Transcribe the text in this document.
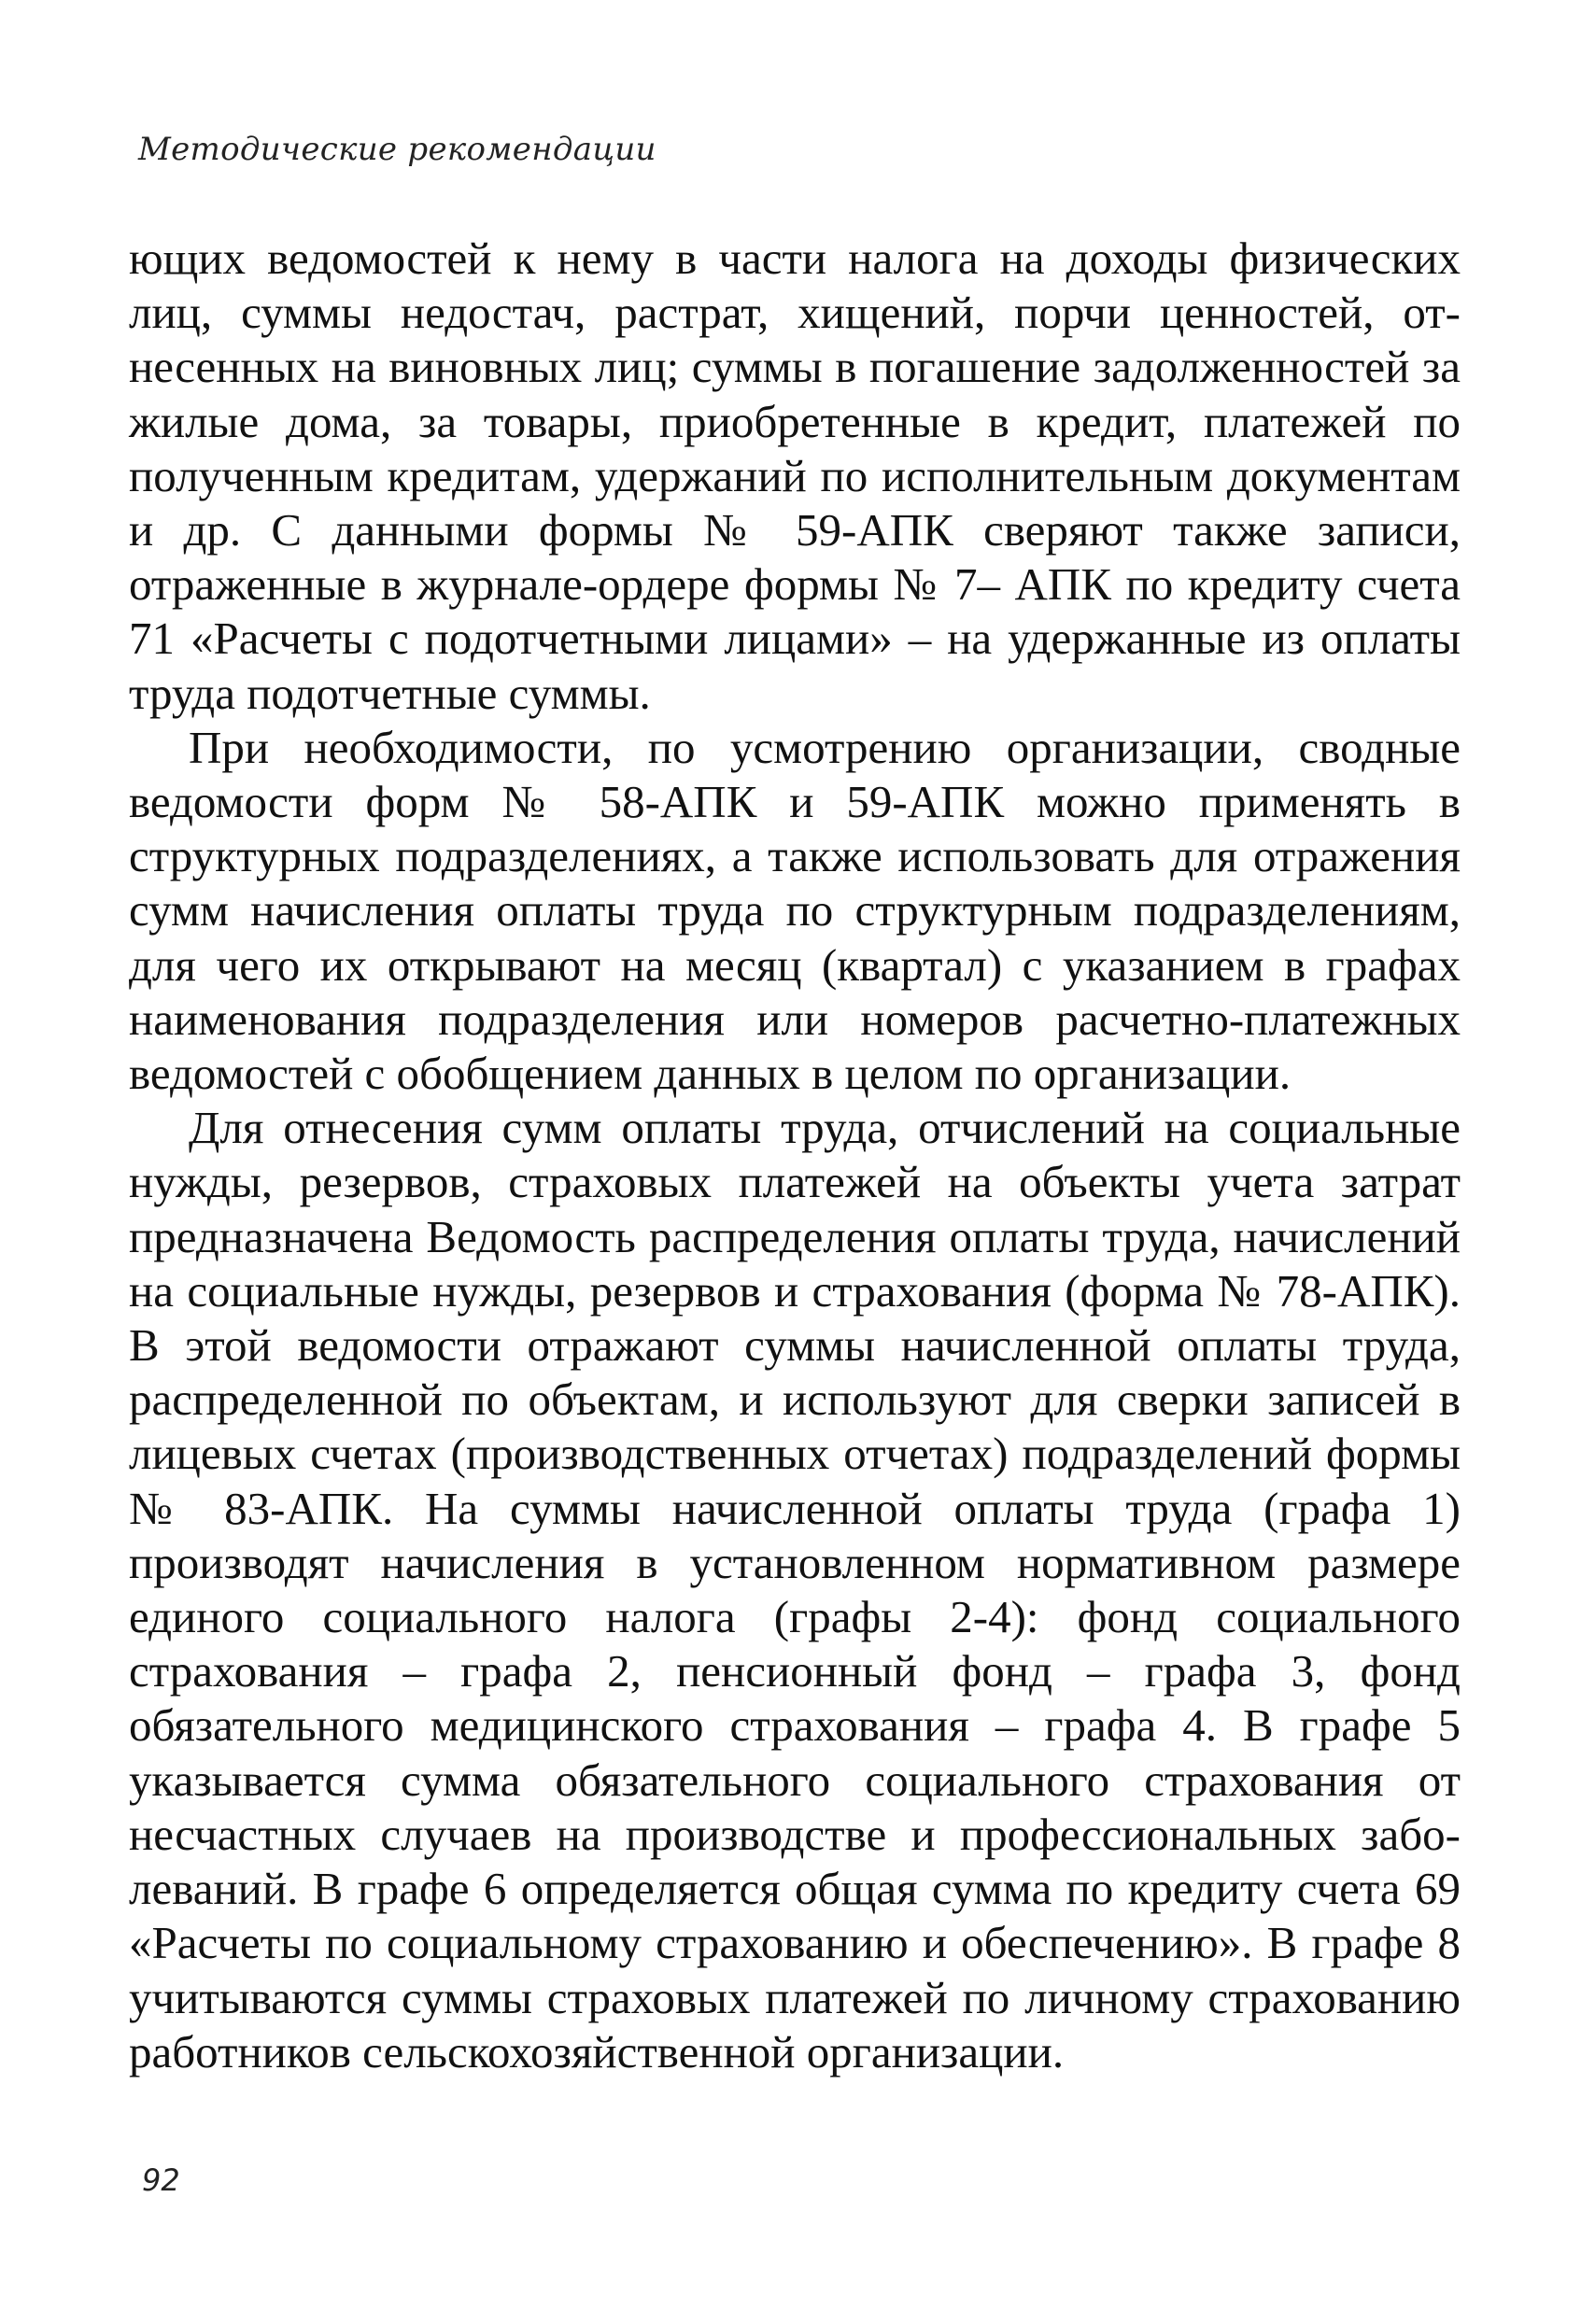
Методические рекомендации

ющих ведомостей к нему в части налога на доходы физических лиц, суммы недостач, растрат, хищений, порчи ценностей, отнесенных на виновных лиц; суммы в погашение задолженностей за жилые дома, за товары, приобретенные в кредит, платежей по полученным кредитам, удержаний по исполнительным документам и др. С данными формы № 59-АПК сверяют также записи, отраженные в журнале-ордере формы № 7– АПК по кредиту счета 71 «Расчеты с подотчетными лицами» – на удержанные из оплаты труда подотчетные суммы.

При необходимости, по усмотрению организации, сводные ведомости форм № 58-АПК и 59-АПК можно применять в структурных подразделениях, а также использовать для отражения сумм начисления оплаты труда по структурным подразделениям, для чего их открывают на месяц (квартал) с указанием в графах наименования подразделения или номеров расчетно-платежных ведомостей с обобщением данных в целом по организации.

Для отнесения сумм оплаты труда, отчислений на социальные нужды, резервов, страховых платежей на объекты учета затрат предназначена Ведомость распределения оплаты труда, начислений на социальные нужды, резервов и страхования (форма № 78-АПК). В этой ведомости отражают суммы начисленной оплаты труда, распределенной по объектам, и используют для сверки записей в лицевых счетах (производственных отчетах) подразделений формы № 83-АПК. На суммы начисленной оплаты труда (графа 1) производят начисления в установленном нормативном размере единого социального налога (графы 2-4): фонд социального страхования – графа 2, пенсионный фонд – графа 3, фонд обязательного медицинского страхования – графа 4. В графе 5 указывается сумма обязательного социального страхования от несчастных случаев на производстве и профессиональных заболеваний. В графе 6 определяется общая сумма по кредиту счета 69 «Расчеты по социальному страхованию и обеспечению». В графе 8 учитываются суммы страховых платежей по личному страхованию работников сельскохозяйственной организации.

92
